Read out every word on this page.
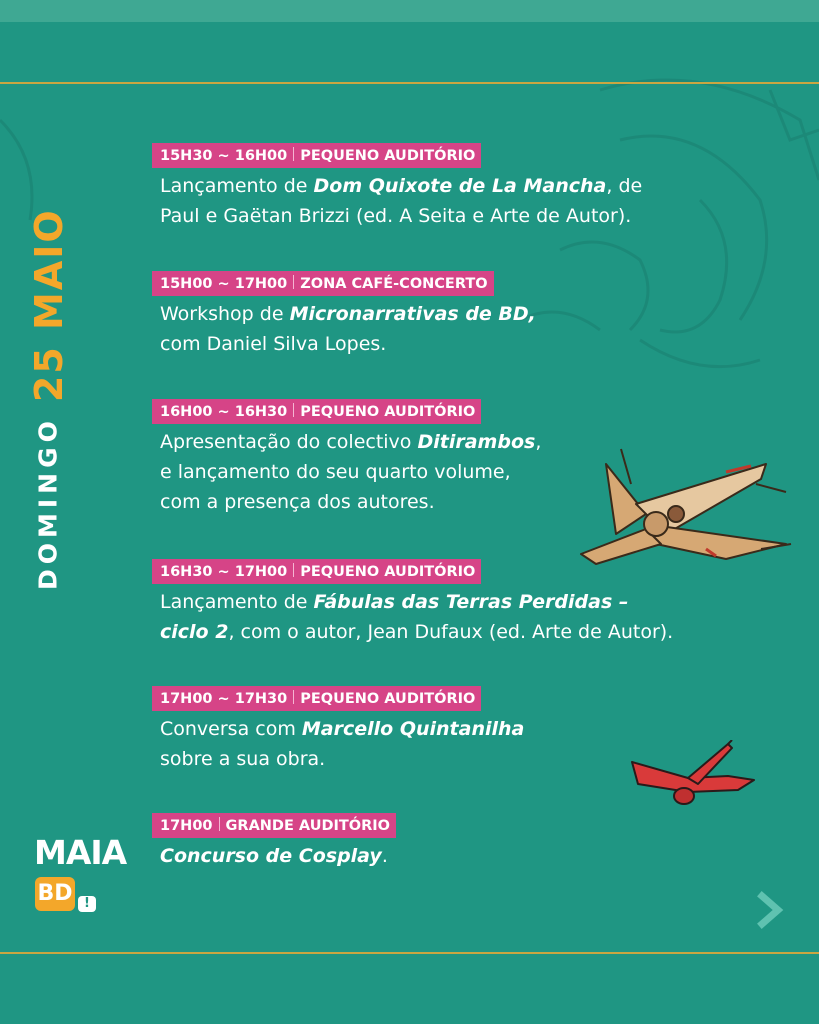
DOMINGO25 MAIO
15H30 ~ 16H00 PEQUENO AUDITÓRIO
Lançamento de Dom Quixote de La Mancha, de
Paul e Gaëtan Brizzi (ed. A Seita e Arte de Autor).
15H00 ~ 17H00 ZONA CAFÉ-CONCERTO
Workshop de Micronarrativas de BD,
com Daniel Silva Lopes.
16H00 ~ 16H30 PEQUENO AUDITÓRIO
Apresentação do colectivo Ditirambos,
e lançamento do seu quarto volume,
com a presença dos autores.
16H30 ~ 17H00 PEQUENO AUDITÓRIO
Lançamento de Fábulas das Terras Perdidas –
ciclo 2, com o autor, Jean Dufaux (ed. Arte de Autor).
17H00 ~ 17H30 PEQUENO AUDITÓRIO
Conversa com Marcello Quintanilha
sobre a sua obra.
17H00 GRANDE AUDITÓRIO
Concurso de Cosplay.
MAIA
BD !
